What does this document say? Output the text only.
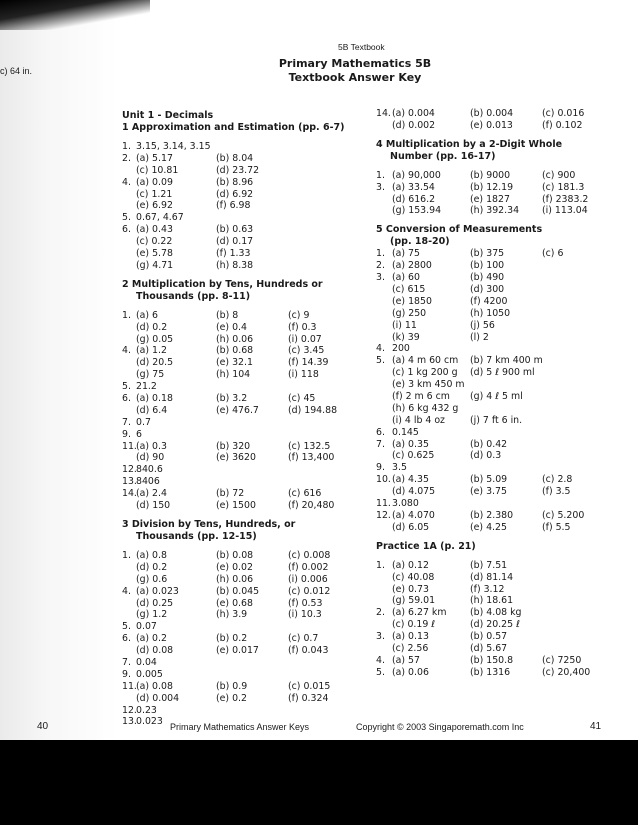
c) 64 in.
5B Textbook
Primary Mathematics 5B
Textbook Answer Key
Unit 1 - Decimals
1 Approximation and Estimation (pp. 6-7)
1. 3.15, 3.14, 3.15
2. (a) 5.17	(b) 8.04
(c) 10.81	(d) 23.72
4. (a) 0.09	(b) 8.96
(c) 1.21	(d) 6.92
(e) 6.92	(f) 6.98
5. 0.67, 4.67
6. (a) 0.43	(b) 0.63
(c) 0.22	(d) 0.17
(e) 5.78	(f) 1.33
(g) 4.71	(h) 8.38
2 Multiplication by Tens, Hundreds or
Thousands (pp. 8-11)
1. (a) 6	(b) 8	(c) 9
(d) 0.2	(e) 0.4	(f) 0.3
(g) 0.05	(h) 0.06	(i) 0.07
4. (a) 1.2	(b) 0.68	(c) 3.45
(d) 20.5	(e) 32.1	(f) 14.39
(g) 75	(h) 104	(i) 118
5. 21.2
6. (a) 0.18	(b) 3.2	(c) 45
(d) 6.4	(e) 476.7	(d) 194.88
7. 0.7
9. 6
11. (a) 0.3	(b) 320	(c) 132.5
(d) 90	(e) 3620	(f) 13,400
12. 840.6
13. 8406
14. (a) 2.4	(b) 72	(c) 616
(d) 150	(e) 1500	(f) 20,480
3 Division by Tens, Hundreds, or
Thousands (pp. 12-15)
1. (a) 0.8	(b) 0.08	(c) 0.008
(d) 0.2	(e) 0.02	(f) 0.002
(g) 0.6	(h) 0.06	(i) 0.006
4. (a) 0.023	(b) 0.045	(c) 0.012
(d) 0.25	(e) 0.68	(f) 0.53
(g) 1.2	(h) 3.9	(i) 10.3
5. 0.07
6. (a) 0.2	(b) 0.2	(c) 0.7
(d) 0.08	(e) 0.017	(f) 0.043
7. 0.04
9. 0.005
11. (a) 0.08	(b) 0.9	(c) 0.015
(d) 0.004	(e) 0.2	(f) 0.324
12. 0.23
13. 0.023
14. (a) 0.004	(b) 0.004	(c) 0.016
(d) 0.002	(e) 0.013	(f) 0.102
4 Multiplication by a 2-Digit Whole
Number (pp. 16-17)
1. (a) 90,000	(b) 9000	(c) 900
3. (a) 33.54	(b) 12.19	(c) 181.3
(d) 616.2	(e) 1827	(f) 2383.2
(g) 153.94	(h) 392.34 (i) 113.04
5 Conversion of Measurements
(pp. 18-20)
1. (a) 75	(b) 375	(c) 6
2. (a) 2800	(b) 100
3. (a) 60	(b) 490
(c) 615	(d) 300
(e) 1850	(f) 4200
(g) 250	(h) 1050
(i) 11	(j) 56
(k) 39	(l) 2
4. 200
5. (a) 4 m 60 cm (b) 7 km 400 m
(c) 1 kg 200 g (d) 5 ℓ 900 ml
(e) 3 km 450 m
(f) 2 m 6 cm (g) 4 ℓ 5 ml
(h) 6 kg 432 g
(i) 4 lb 4 oz	(j) 7 ft 6 in.
6. 0.145
7. (a) 0.35	(b) 0.42
(c) 0.625	(d) 0.3
9. 3.5
10. (a) 4.35	(b) 5.09	(c) 2.8
(d) 4.075	(e) 3.75	(f) 3.5
11. 3.080
12. (a) 4.070	(b) 2.380	(c) 5.200
(d) 6.05	(e) 4.25	(f) 5.5
Practice 1A (p. 21)
1. (a) 0.12	(b) 7.51
(c) 40.08	(d) 81.14
(e) 0.73	(f) 3.12
(g) 59.01	(h) 18.61
2. (a) 6.27 km	(b) 4.08 kg
(c) 0.19 ℓ	(d) 20.25 ℓ
3. (a) 0.13	(b) 0.57
(c) 2.56	(d) 5.67
4. (a) 57	(b) 150.8	(c) 7250
5. (a) 0.06	(b) 1316	(c) 20,400
40	Primary Mathematics Answer Keys	Copyright © 2003 Singaporemath.com Inc	41
